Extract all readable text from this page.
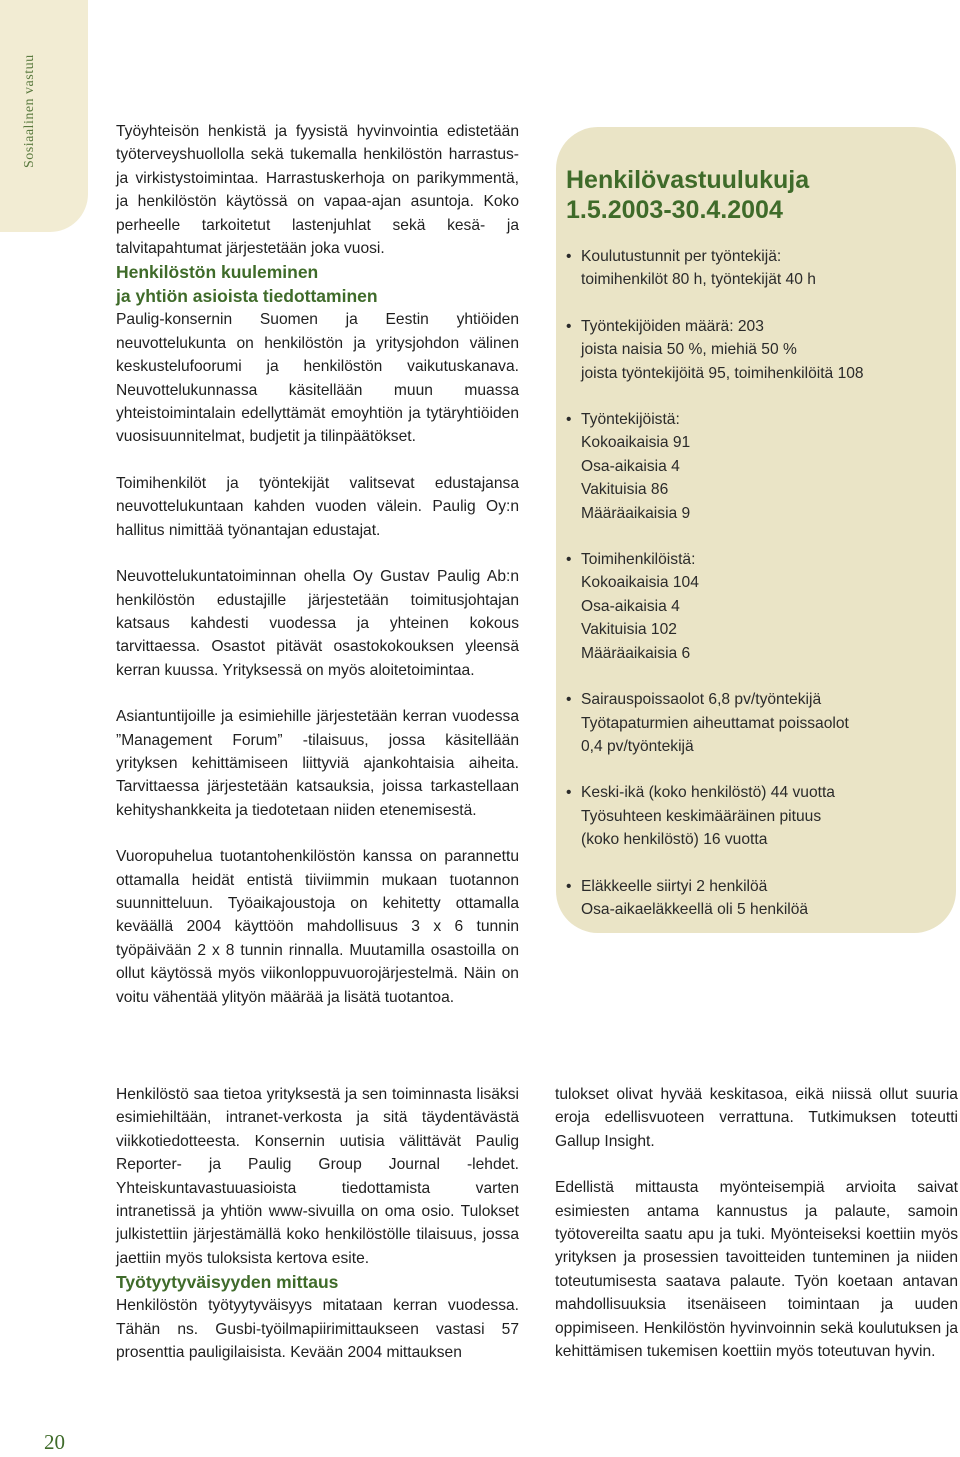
Sosiaalinen vastuu	Työyhteisön henkistä ja fyysistä hyvinvointia edistetään työterveyshuollolla sekä tukemalla henkilöstön harrastus- ja virkistystoimintaa. Harrastuskerhoja on parikymmentä, ja henkilöstön käytössä on vapaa-ajan asuntoja. Koko perheelle tarkoitetut lastenjuhlat sekä kesä- ja talvitapahtumat järjestetään joka vuosi.

Henkilöstön kuuleminen
ja yhtiön asioista tiedottaminen

Paulig-konsernin Suomen ja Eestin yhtiöiden neuvottelukunta on henkilöstön ja yritysjohdon välinen keskustelufoorumi ja henkilöstön vaikutuskanava. Neuvottelukunnassa käsitellään muun muassa yhteistoimintalain edellyttämät emoyhtiön ja tytäryhtiöiden vuosisuunnitelmat, budjetit ja tilinpäätökset.

Toimihenkilöt ja työntekijät valitsevat edustajansa neuvottelukuntaan kahden vuoden välein. Paulig Oy:n hallitus nimittää työnantajan edustajat.

Neuvottelukuntatoiminnan ohella Oy Gustav Paulig Ab:n henkilöstön edustajille järjestetään toimitusjohtajan katsaus kahdesti vuodessa ja yhteinen kokous tarvittaessa. Osastot pitävät osastokokouksen yleensä kerran kuussa. Yrityksessä on myös aloitetoimintaa.

Asiantuntijoille ja esimiehille järjestetään kerran vuodessa ”Management Forum” -tilaisuus, jossa käsitellään yrityksen kehittämiseen liittyviä ajankohtaisia aiheita. Tarvittaessa järjestetään katsauksia, joissa tarkastellaan kehityshankkeita ja tiedotetaan niiden etenemisestä.

Vuoropuhelua tuotantohenkilöstön kanssa on parannettu ottamalla heidät entistä tiiviimmin mukaan tuotannon suunnitteluun. Työaikajoustoja on kehitetty ottamalla keväällä 2004 käyttöön mahdollisuus 3 x 6 tunnin työpäivään 2 x 8 tunnin rinnalla. Muutamilla osastoilla on ollut käytössä myös viikonloppuvuorojärjestelmä. Näin on voitu vähentää ylityön määrää ja lisätä tuotantoa.

Henkilövastuulukuja
1.5.2003-30.4.2004
• Koulutustunnit per työntekijä:
toimihenkilöt 80 h, työntekijät 40 h
• Työntekijöiden määrä: 203
joista naisia 50 %, miehiä 50 %
joista työntekijöitä 95, toimihenkilöitä 108
• Työntekijöistä:
Kokoaikaisia 91
Osa-aikaisia 4
Vakituisia 86
Määräaikaisia 9
• Toimihenkilöistä:
Kokoaikaisia 104
Osa-aikaisia 4
Vakituisia 102
Määräaikaisia 6
• Sairauspoissaolot 6,8 pv/työntekijä
Työtapaturmien aiheuttamat poissaolot
0,4 pv/työntekijä
• Keski-ikä (koko henkilöstö) 44 vuotta
Työsuhteen keskimääräinen pituus
(koko henkilöstö) 16 vuotta
• Eläkkeelle siirtyi 2 henkilöä
Osa-aikaeläkkeellä oli 5 henkilöä

Henkilöstö saa tietoa yrityksestä ja sen toiminnasta lisäksi esimiehiltään, intranet-verkosta ja sitä täydentävästä viikkotiedotteesta. Konsernin uutisia välittävät Paulig Reporter- ja Paulig Group Journal -lehdet. Yhteiskuntavastuuasioista tiedottamista varten intranetissä ja yhtiön www-sivuilla on oma osio. Tulokset julkistettiin järjestämällä koko henkilöstölle tilaisuus, jossa jaettiin myös tuloksista kertova esite.

Työtyytyväisyyden mittaus

Henkilöstön työtyytyväisyys mitataan kerran vuodessa. Tähän ns. Gusbi-työilmapiirimittaukseen vastasi 57 prosenttia pauligilaisista. Kevään 2004 mittauksen

tulokset olivat hyvää keskitasoa, eikä niissä ollut suuria eroja edellisvuoteen verrattuna. Tutkimuksen toteutti Gallup Insight.

Edellistä mittausta myönteisempiä arvioita saivat esimiesten antama kannustus ja palaute, samoin työtovereilta saatu apu ja tuki. Myönteiseksi koettiin myös yrityksen ja prosessien tavoitteiden tunteminen ja niiden toteutumisesta saatava palaute. Työn koetaan antavan mahdollisuuksia itsenäiseen toimintaan ja uuden oppimiseen. Henkilöstön hyvinvoinnin sekä koulutuksen ja kehittämisen tukemisen koettiin myös toteutuvan hyvin.

20
